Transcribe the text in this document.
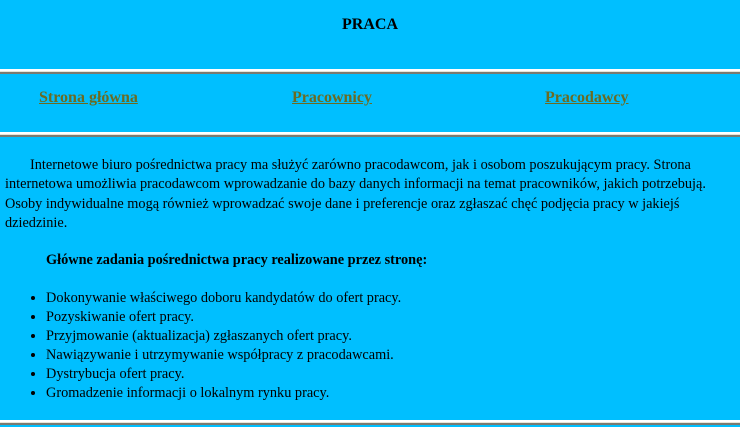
PRACA
Strona główna	Pracownicy	Pracodawcy
Internetowe biuro pośrednictwa pracy ma służyć zarówno pracodawcom, jak i osobom poszukującym pracy. Strona
internetowa umożliwia pracodawcom wprowadzanie do bazy danych informacji na temat pracowników, jakich potrzebują.
Osoby indywidualne mogą również wprowadzać swoje dane i preferencje oraz zgłaszać chęć podjęcia pracy w jakiejś
dziedzinie.
Główne zadania pośrednictwa pracy realizowane przez stronę:
• Dokonywanie właściwego doboru kandydatów do ofert pracy.
• Pozyskiwanie ofert pracy.
• Przyjmowanie (aktualizacja) zgłaszanych ofert pracy.
• Nawiązywanie i utrzymywanie współpracy z pracodawcami.
• Dystrybucja ofert pracy.
• Gromadzenie informacji o lokalnym rynku pracy.
